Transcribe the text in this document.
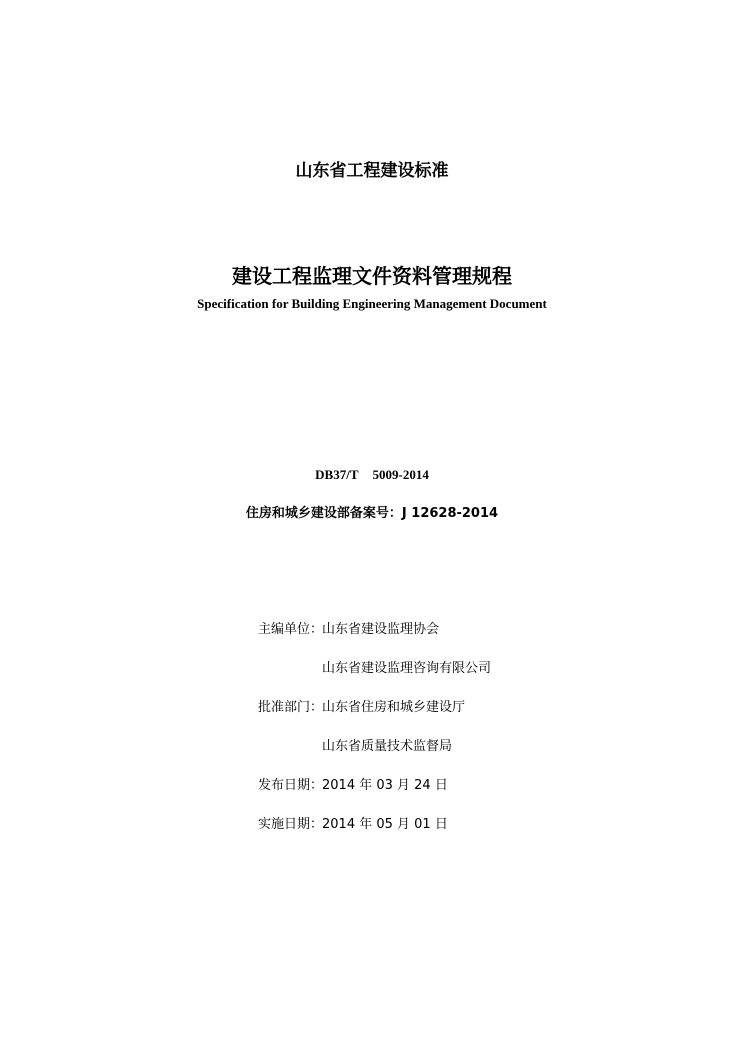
山东省工程建设标准
建设工程监理文件资料管理规程
Specification for Building Engineering Management Document
DB37/T 5009-2014
住房和城乡建设部备案号：J 12628-2014
主编单位：山东省建设监理协会
山东省建设监理咨询有限公司
批准部门：山东省住房和城乡建设厅
山东省质量技术监督局
发布日期：2014 年 03 月 24 日
实施日期：2014 年 05 月 01 日
